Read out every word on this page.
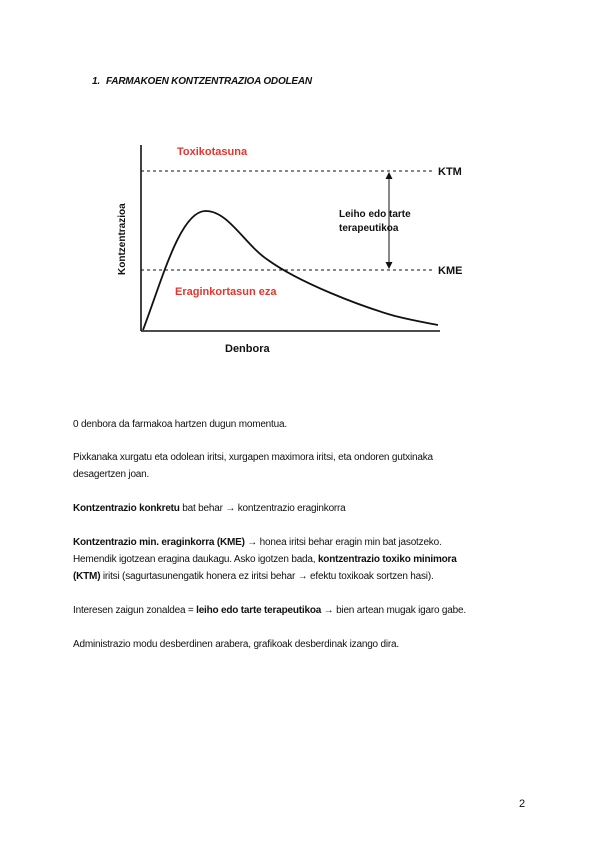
1. FARMAKOEN KONTZENTRAZIOA ODOLEAN
Toxikotasuna
Eraginkortasun eza
KTM
KME
Leiho edo tarte
terapeutikoa
Kontzentrazioa
Denbora
0 denbora da farmakoa hartzen dugun momentua.
Pixkanaka xurgatu eta odolean iritsi, xurgapen maximora iritsi, eta ondoren gutxinaka
desagertzen joan.
Kontzentrazio konkretu bat behar → kontzentrazio eraginkorra
Kontzentrazio min. eraginkorra (KME) → honea iritsi behar eragin min bat jasotzeko.
Hemendik igotzean eragina daukagu. Asko igotzen bada, kontzentrazio toxiko minimora
(KTM) iritsi (sagurtasunengatik honera ez iritsi behar → efektu toxikoak sortzen hasi).
Interesen zaigun zonaldea = leiho edo tarte terapeutikoa → bien artean mugak igaro gabe.
Administrazio modu desberdinen arabera, grafikoak desberdinak izango dira.
2
